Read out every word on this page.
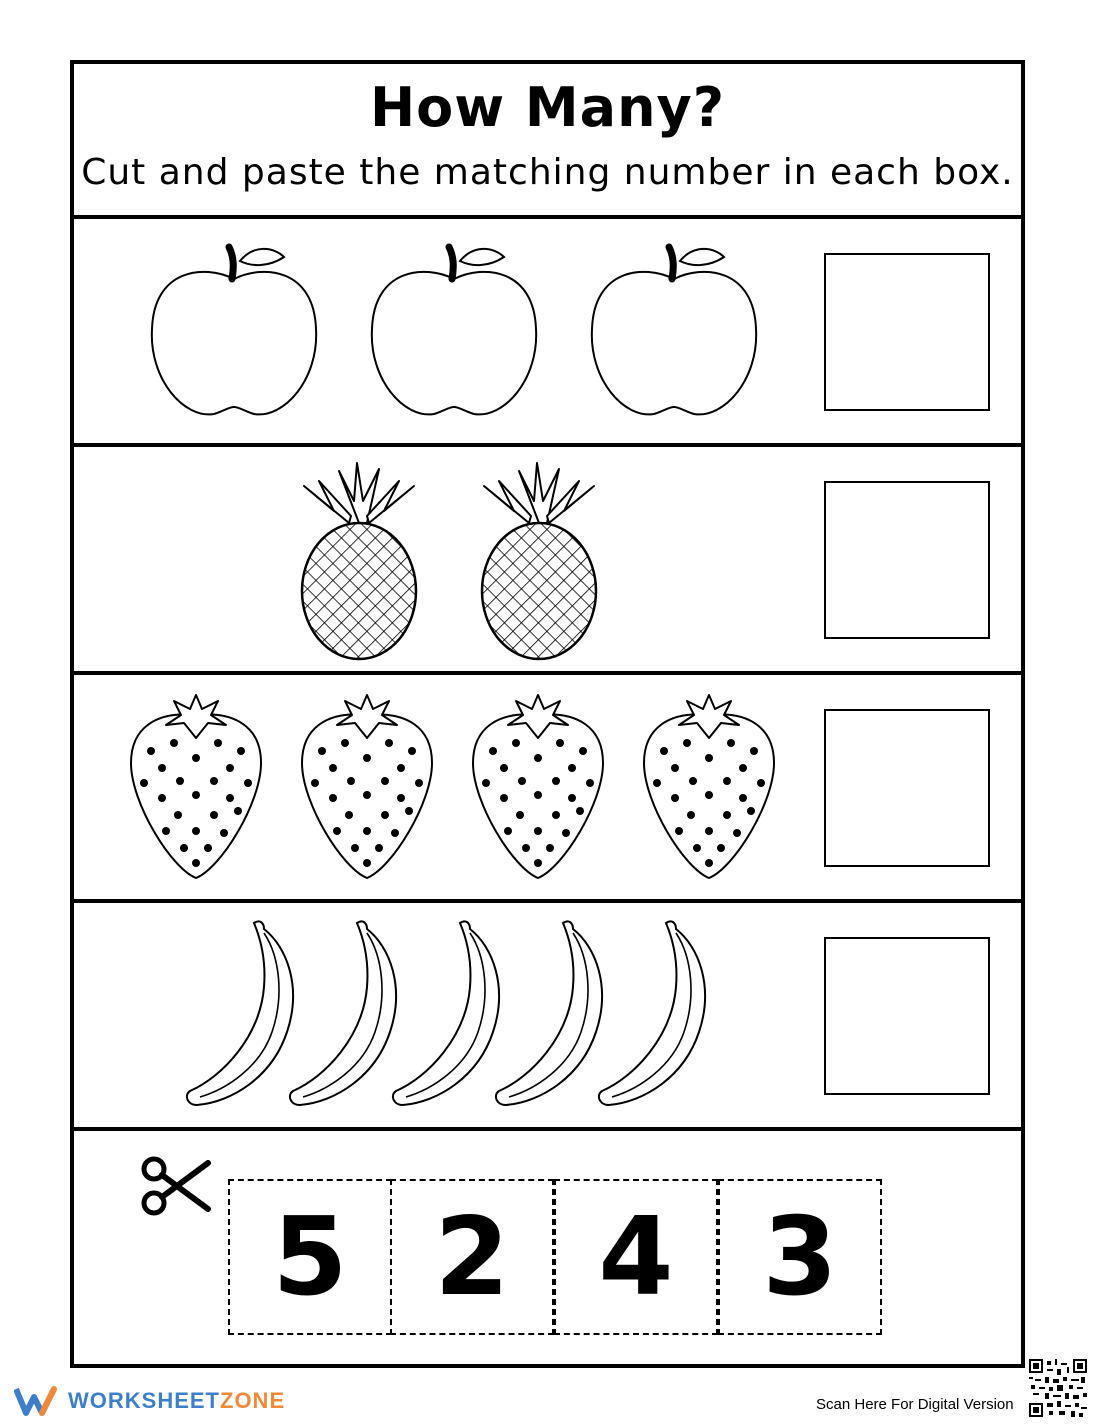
How Many?
Cut and paste the matching number in each box.
5 2 4 3
WORKSHEETZONE	Scan Here For Digital Version
